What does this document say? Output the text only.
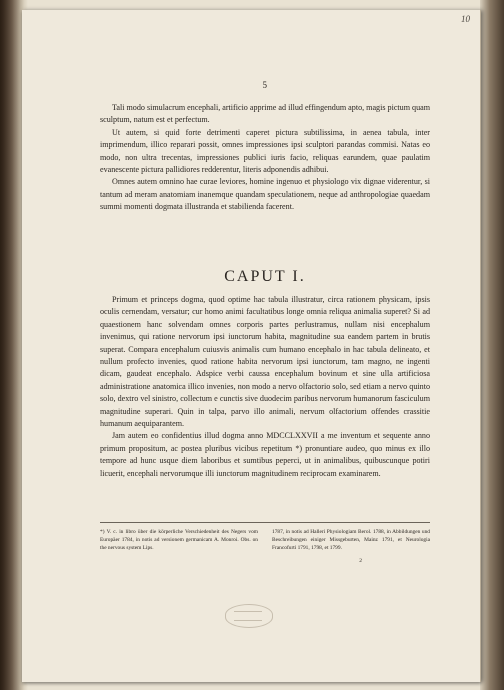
10
5

Tali modo simulacrum encephali, artificio apprime ad illud effingendum apto, magis pictum quam sculptum, natum est et perfectum.

Ut autem, si quid forte detrimenti caperet pictura subtilissima, in aenea tabula, inter imprimendum, illico reparari possit, omnes impressiones ipsi sculptori parandas commisi. Natas eo modo, non ultra trecentas, impressiones publici iuris facio, reliquas earundem, quae paulatim evanescente pictura pallidiores redderentur, literis adponendis adhibui.

Omnes autem omnino hae curae leviores, homine ingenuo et physiologo vix dignae viderentur, si tantum ad meram anatomiam inanemque quandam speculationem, neque ad anthropologiae quaedam summi momenti dogmata illustranda et stabilienda facerent.

CAPUT I.

Primum et princeps dogma, quod optime hac tabula illustratur, circa rationem physicam, ipsis oculis cernendam, versatur; cur homo animi facultatibus longe omnia reliqua animalia superet? Si ad quaestionem hanc solvendam omnes corporis partes perlustramus, nullam nisi encephalum invenimus, qui ratione nervorum ipsi iunctorum habita, magnitudine sua eandem partem in brutis superat. Compara encephalum cuiusvis animalis cum humano encephalo in hac tabula delineato, et nullum profecto invenies, quod ratione habita nervorum ipsi iunctorum, tam magno, ne ingenti dicam, gaudeat encephalo. Adspice verbi caussa encephalum bovinum et sine ulla artificiosa administratione anatomica illico invenies, non modo a nervo olfactorio solo, sed etiam a nervo quinto solo, dextro vel sinistro, collectum e cunctis sive duodecim paribus nervorum humanorum fasciculum magnitudine superari. Quin in talpa, parvo illo animali, nervum olfactorium offendes crassitie humanum aequiparantem.

Jam autem eo confidentius illud dogma anno MDCCLXXVII a me inventum et sequente anno primum propositum, ac postea pluribus vicibus repetitum *) pronuntiare audeo, quo minus ex illo tempore ad hunc usque diem laboribus et sumtibus peperci, ut in animalibus, quibuscunque potiri licuerit, encephali nervorumque illi iunctorum magnitudinem reciprocam examinarem.

*) V. c. in libro über die körperliche Verschiedenheit des Negers vom Europäer 1784, in notis ad versionem germanicam A. Monroi. Obs. on the nervous system Lips.
1787, in notis ad Halleri Physiologiam Berol. 1788, in Abbildungen und Beschreibungen einiger Missgeburten, Mainz 1791, et Neurologia Francofurti 1791, 1798, et 1799.
2
